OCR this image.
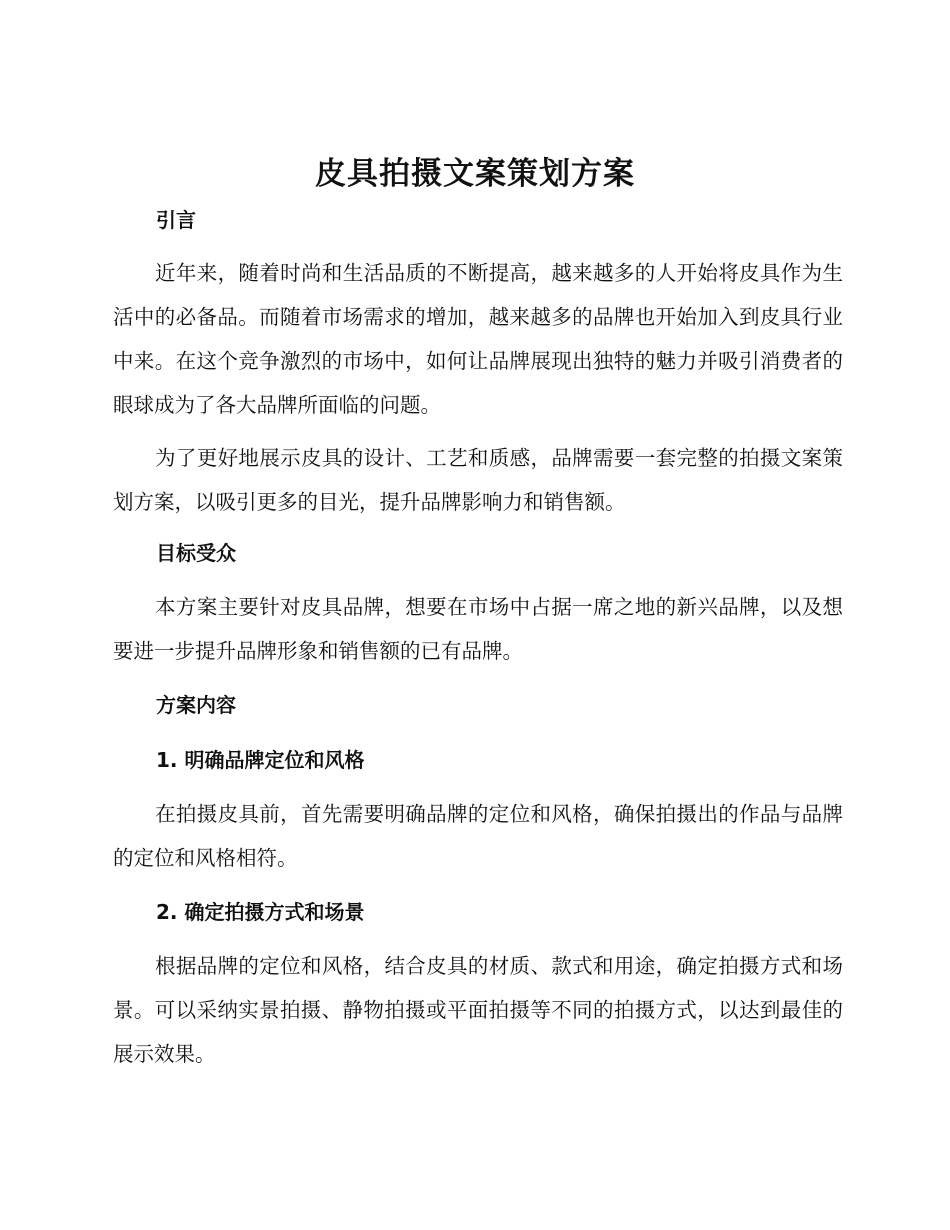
皮具拍摄文案策划方案
引言

近年来，随着时尚和生活品质的不断提高，越来越多的人开始将皮具作为生活中的必备品。而随着市场需求的增加，越来越多的品牌也开始加入到皮具行业中来。在这个竞争激烈的市场中，如何让品牌展现出独特的魅力并吸引消费者的眼球成为了各大品牌所面临的问题。

为了更好地展示皮具的设计、工艺和质感，品牌需要一套完整的拍摄文案策划方案，以吸引更多的目光，提升品牌影响力和销售额。

目标受众

本方案主要针对皮具品牌，想要在市场中占据一席之地的新兴品牌，以及想要进一步提升品牌形象和销售额的已有品牌。

方案内容
1. 明确品牌定位和风格

在拍摄皮具前，首先需要明确品牌的定位和风格，确保拍摄出的作品与品牌的定位和风格相符。

2. 确定拍摄方式和场景

根据品牌的定位和风格，结合皮具的材质、款式和用途，确定拍摄方式和场景。可以采纳实景拍摄、静物拍摄或平面拍摄等不同的拍摄方式，以达到最佳的展示效果。
